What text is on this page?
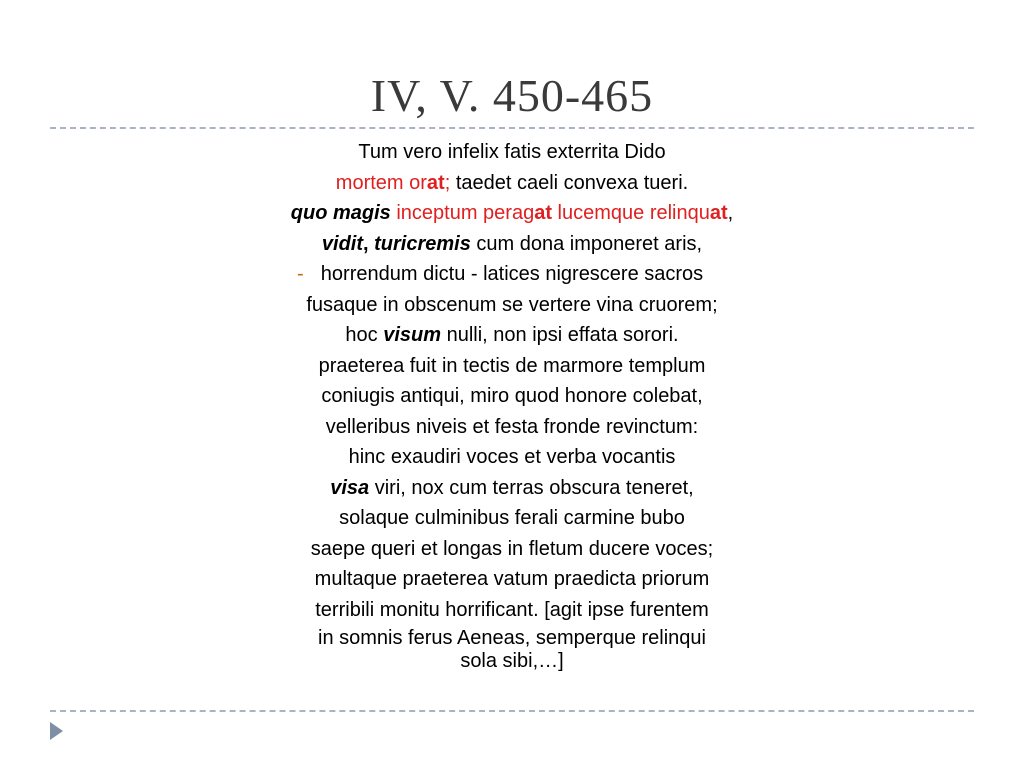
IV, V. 450-465
Tum vero infelix fatis exterrita Dido
mortem orat; taedet caeli convexa tueri.
quo magis inceptum peragat lucemque relinquat,
vidit, turicremis cum dona imponeret aris,
- horrendum dictu - latices nigrescere sacros
fusaque in obscenum se vertere vina cruorem;
hoc visum nulli, non ipsi effata sorori.
praeterea fuit in tectis de marmore templum
coniugis antiqui, miro quod honore colebat,
velleribus niveis et festa fronde revinctum:
hinc exaudiri voces et verba vocantis
visa viri, nox cum terras obscura teneret,
solaque culminibus ferali carmine bubo
saepe queri et longas in fletum ducere voces;
multaque praeterea vatum praedicta priorum
terribili monitu horrificant. [agit ipse furentem
in somnis ferus Aeneas, semperque relinqui
sola sibi,…]
